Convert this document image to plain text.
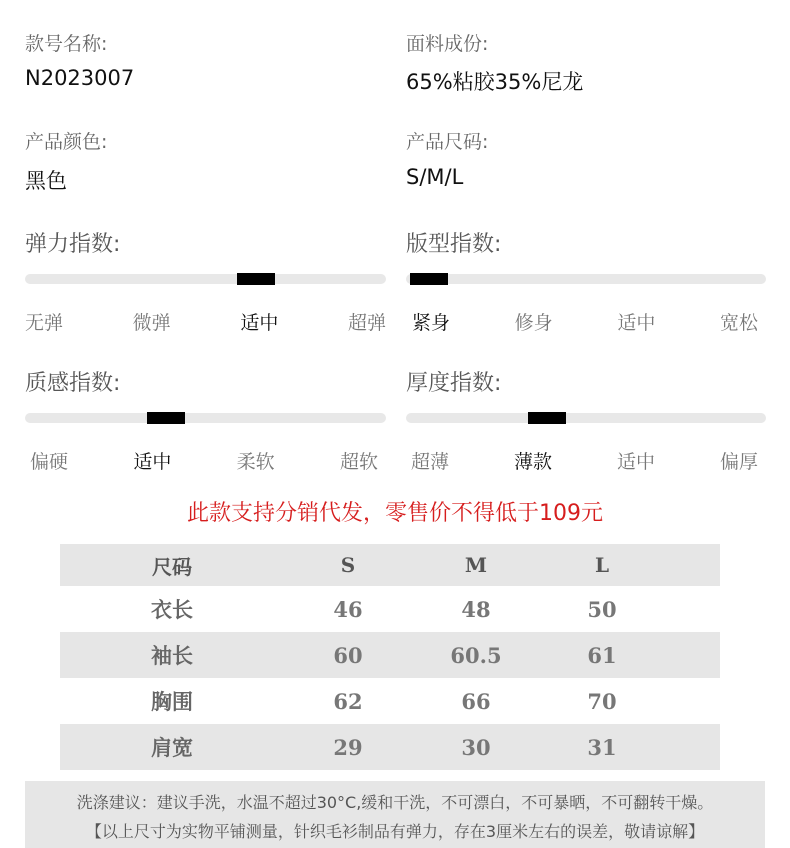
款号名称:
N2023007
面料成份:
65%粘胶35%尼龙
产品颜色:
黑色
产品尺码:
S/M/L
弹力指数:
无弹	微弹	适中	超弹
版型指数:
紧身	修身	适中	宽松
质感指数:
偏硬	适中	柔软	超软
厚度指数:
超薄	薄款	适中	偏厚
此款支持分销代发，零售价不得低于109元
尺码	S	M	L	
衣长	46	48	50	
袖长	60	60.5	61	
胸围	62	66	70	
肩宽	29	30	31	
洗涤建议：建议手洗，水温不超过30°C,缓和干洗，不可漂白，不可暴晒，不可翻转干燥。
【以上尺寸为实物平铺测量，针织毛衫制品有弹力，存在3厘米左右的误差，敬请谅解】
